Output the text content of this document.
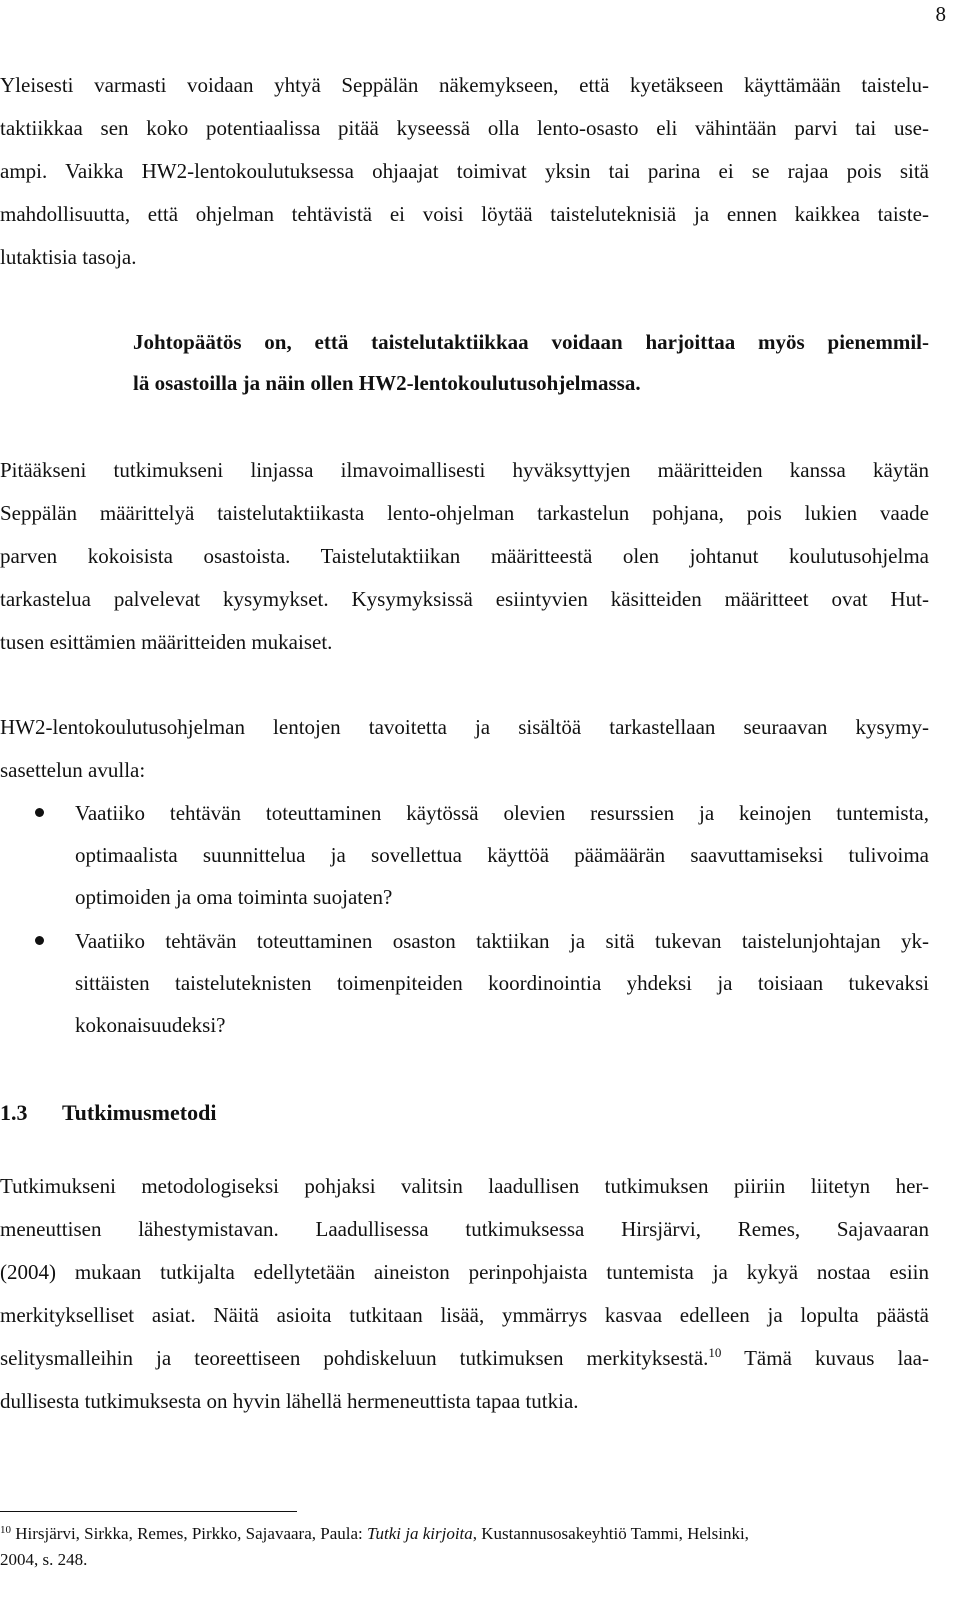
8
Yleisesti varmasti voidaan yhtyä Seppälän näkemykseen, että kyetäkseen käyttämään taistelu-
taktiikkaa sen koko potentiaalissa pitää kyseessä olla lento-osasto eli vähintään parvi tai use-
ampi. Vaikka HW2-lentokoulutuksessa ohjaajat toimivat yksin tai parina ei se rajaa pois sitä
mahdollisuutta, että ohjelman tehtävistä ei voisi löytää taisteluteknisiä ja ennen kaikkea taiste-
lutaktisia tasoja.
Johtopäätös on, että taistelutaktiikkaa voidaan harjoittaa myös pienemmil-
lä osastoilla ja näin ollen HW2-lentokoulutusohjelmassa.
Pitääkseni tutkimukseni linjassa ilmavoimallisesti hyväksyttyjen määritteiden kanssa käytän
Seppälän määrittelyä taistelutaktiikasta lento-ohjelman tarkastelun pohjana, pois lukien vaade
parven kokoisista osastoista. Taistelutaktiikan määritteestä olen johtanut koulutusohjelma
tarkastelua palvelevat kysymykset. Kysymyksissä esiintyvien käsitteiden määritteet ovat Hut-
tusen esittämien määritteiden mukaiset.
HW2-lentokoulutusohjelman lentojen tavoitetta ja sisältöä tarkastellaan seuraavan kysymy-
sasettelun avulla:
Vaatiiko tehtävän toteuttaminen käytössä olevien resurssien ja keinojen tuntemista,
optimaalista suunnittelua ja sovellettua käyttöä päämäärän saavuttamiseksi tulivoima
optimoiden ja oma toiminta suojaten?
Vaatiiko tehtävän toteuttaminen osaston taktiikan ja sitä tukevan taistelunjohtajan yk-
sittäisten taisteluteknisten toimenpiteiden koordinointia yhdeksi ja toisiaan tukevaksi
kokonaisuudeksi?
1.3 Tutkimusmetodi
Tutkimukseni metodologiseksi pohjaksi valitsin laadullisen tutkimuksen piiriin liitetyn her-
meneuttisen lähestymistavan. Laadullisessa tutkimuksessa Hirsjärvi, Remes, Sajavaaran
(2004) mukaan tutkijalta edellytetään aineiston perinpohjaista tuntemista ja kykyä nostaa esiin
merkitykselliset asiat. Näitä asioita tutkitaan lisää, ymmärrys kasvaa edelleen ja lopulta päästä
selitysmalleihin ja teoreettiseen pohdiskeluun tutkimuksen merkityksestä.$^{10}$ Tämä kuvaus laa-
dullisesta tutkimuksesta on hyvin lähellä hermeneuttista tapaa tutkia.
$^{10}$ Hirsjärvi, Sirkka, Remes, Pirkko, Sajavaara, Paula: Tutki ja kirjoita, Kustannusosakeyhtiö Tammi, Helsinki,
2004, s. 248.
